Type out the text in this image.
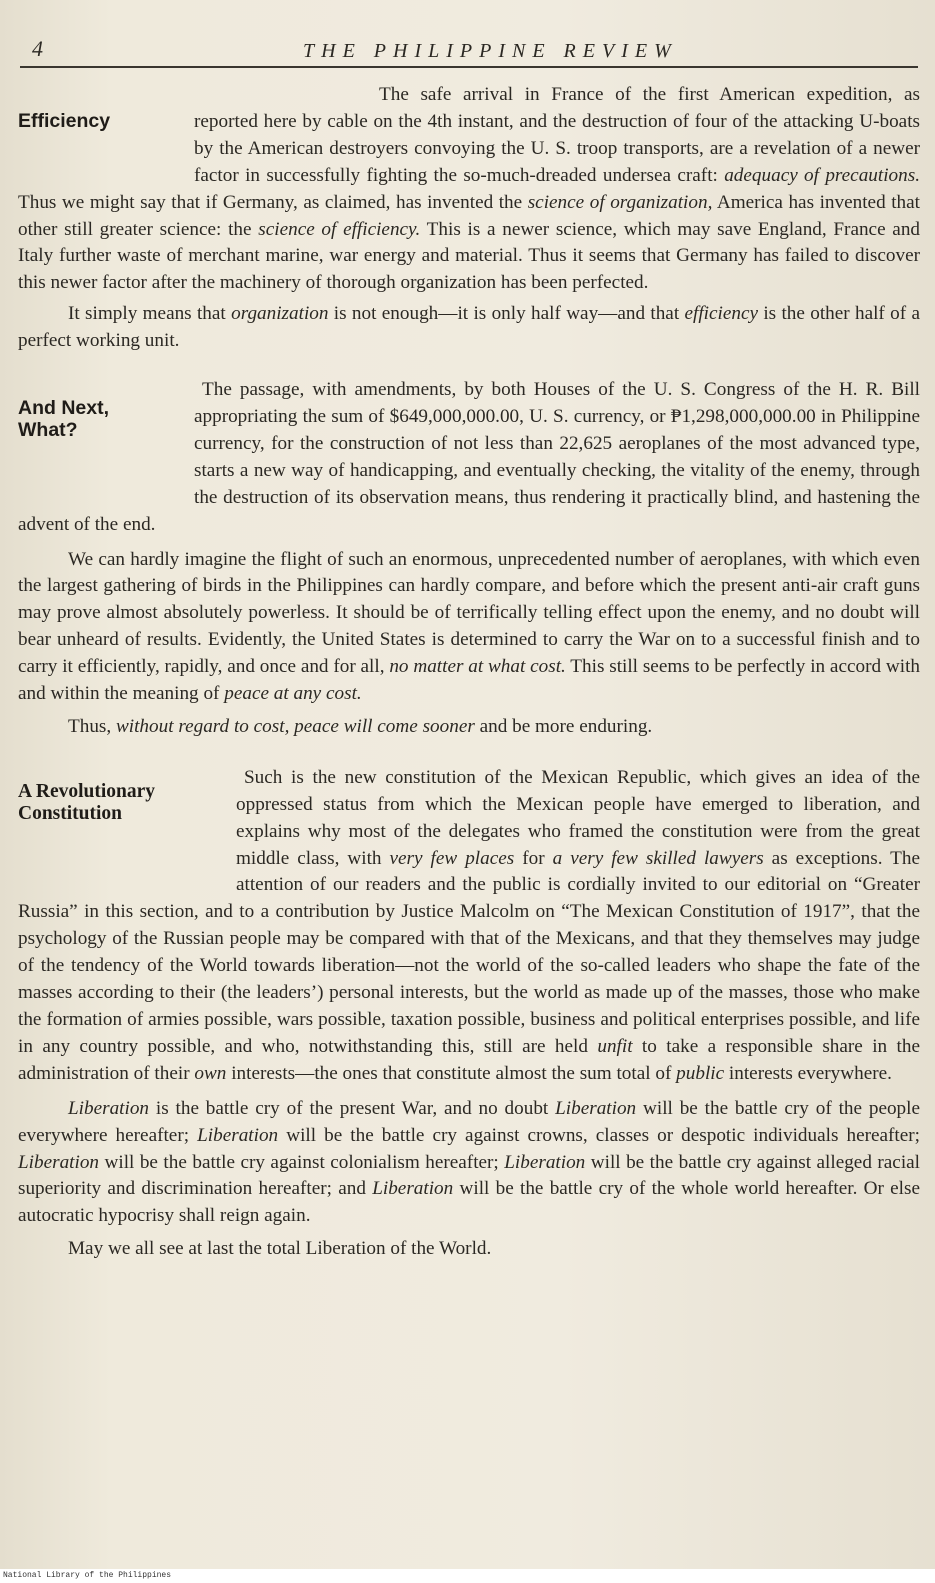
4	THE PHILIPPINE REVIEW
Efficiency

The safe arrival in France of the first American expedition, as reported here by cable on the 4th instant, and the destruction of four of the attacking U-boats by the American destroyers convoying the U. S. troop transports, are a revelation of a newer factor in successfully fighting the so-much-dreaded undersea craft: adequacy of precautions. Thus we might say that if Germany, as claimed, has invented the science of organization, America has invented that other still greater science: the science of efficiency. This is a newer science, which may save England, France and Italy further waste of merchant marine, war energy and material. Thus it seems that Germany has failed to discover this newer factor after the machinery of thorough organization has been perfected.

It simply means that organization is not enough—it is only half way—and that efficiency is the other half of a perfect working unit.

And Next,
What?

The passage, with amendments, by both Houses of the U. S. Congress of the H. R. Bill appropriating the sum of $649,000,000.00, U. S. currency, or ₱1,298,000,000.00 in Philippine currency, for the construction of not less than 22,625 aeroplanes of the most advanced type, starts a new way of handicapping, and eventually checking, the vitality of the enemy, through the destruction of its observation means, thus rendering it practically blind, and hastening the advent of the end.

We can hardly imagine the flight of such an enormous, unprecedented number of aeroplanes, with which even the largest gathering of birds in the Philippines can hardly compare, and before which the present anti-air craft guns may prove almost absolutely powerless. It should be of terrifically telling effect upon the enemy, and no doubt will bear unheard of results. Evidently, the United States is determined to carry the War on to a successful finish and to carry it efficiently, rapidly, and once and for all, no matter at what cost. This still seems to be perfectly in accord with and within the meaning of peace at any cost.

Thus, without regard to cost, peace will come sooner and be more enduring.

A Revolutionary
Constitution

Such is the new constitution of the Mexican Republic, which gives an idea of the oppressed status from which the Mexican people have emerged to liberation, and explains why most of the delegates who framed the constitution were from the great middle class, with very few places for a very few skilled lawyers as exceptions. The attention of our readers and the public is cordially invited to our editorial on “Greater Russia” in this section, and to a contribution by Justice Malcolm on “The Mexican Constitution of 1917”, that the psychology of the Russian people may be compared with that of the Mexicans, and that they themselves may judge of the tendency of the World towards liberation—not the world of the so-called leaders who shape the fate of the masses according to their (the leaders’) personal interests, but the world as made up of the masses, those who make the formation of armies possible, wars possible, taxation possible, business and political enterprises possible, and life in any country possible, and who, notwithstanding this, still are held unfit to take a responsible share in the administration of their own interests—the ones that constitute almost the sum total of public interests everywhere.

Liberation is the battle cry of the present War, and no doubt Liberation will be the battle cry of the people everywhere hereafter; Liberation will be the battle cry against crowns, classes or despotic individuals hereafter; Liberation will be the battle cry against colonialism hereafter; Liberation will be the battle cry against alleged racial superiority and discrimination hereafter; and Liberation will be the battle cry of the whole world hereafter. Or else autocratic hypocrisy shall reign again.

May we all see at last the total Liberation of the World.

National Library of the Philippines
